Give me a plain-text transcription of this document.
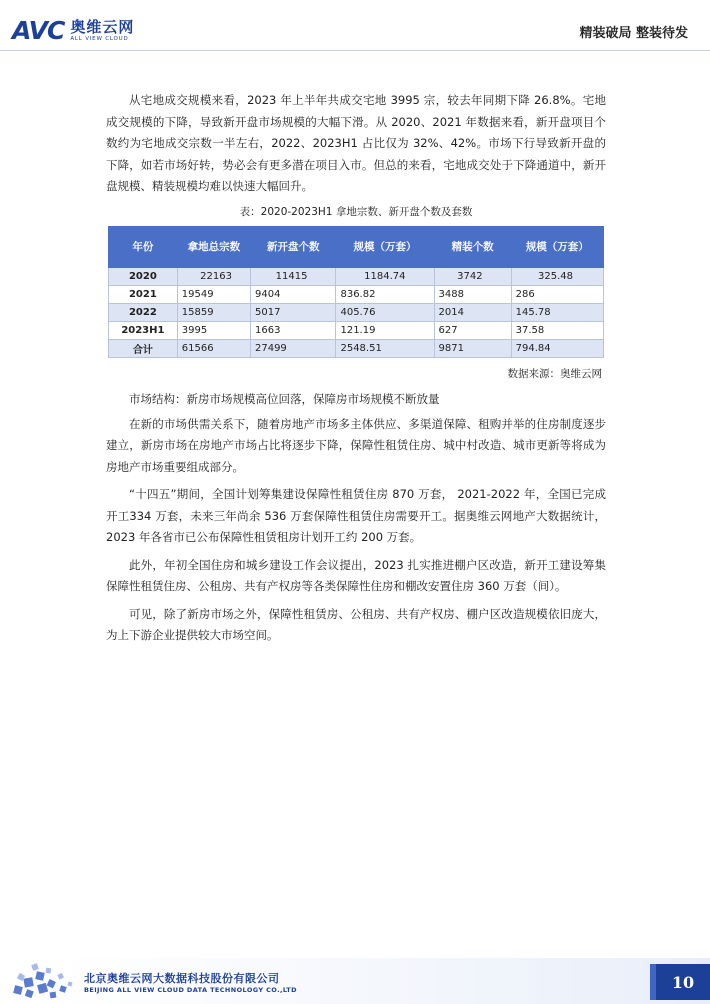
AVC 奥维云网
ALL VIEW CLOUD	精装破局 整装待发

从宅地成交规模来看，2023 年上半年共成交宅地 3995 宗，较去年同期下降 26.8%。宅地成交规模的下降，导致新开盘市场规模的大幅下滑。从 2020、2021 年数据来看，新开盘项目个数约为宅地成交宗数一半左右，2022、2023H1 占比仅为 32%、42%。市场下行导致新开盘的下降，如若市场好转，势必会有更多潜在项目入市。但总的来看，宅地成交处于下降通道中，新开盘规模、精装规模均难以快速大幅回升。

表：2020-2023H1 拿地宗数、新开盘个数及套数
年份	拿地总宗数	新开盘个数	规模（万套）	精装个数	规模（万套）
2020	22163	11415	1184.74	3742	325.48
2021	19549	9404	836.82	3488	286
2022	15859	5017	405.76	2014	145.78
2023H1	3995	1663	121.19	627	37.58
合计	61566	27499	2548.51	9871	794.84
数据来源：奥维云网

市场结构：新房市场规模高位回落，保障房市场规模不断放量

在新的市场供需关系下，随着房地产市场多主体供应、多渠道保障、租购并举的住房制度逐步建立，新房市场在房地产市场占比将逐步下降，保障性租赁住房、城中村改造、城市更新等将成为房地产市场重要组成部分。

“十四五”期间，全国计划筹集建设保障性租赁住房 870 万套， 2021-2022 年，全国已完成开工334 万套，未来三年尚余 536 万套保障性租赁住房需要开工。据奥维云网地产大数据统计，2023 年各省市已公布保障性租赁租房计划开工约 200 万套。

此外，年初全国住房和城乡建设工作会议提出，2023 扎实推进棚户区改造，新开工建设筹集保障性租赁住房、公租房、共有产权房等各类保障性住房和棚改安置住房 360 万套（间）。

可见，除了新房市场之外，保障性租赁房、公租房、共有产权房、棚户区改造规模依旧庞大，为上下游企业提供较大市场空间。

北京奥维云网大数据科技股份有限公司
BEIJING ALL VIEW CLOUD DATA TECHNOLOGY CO.,LTD	10
